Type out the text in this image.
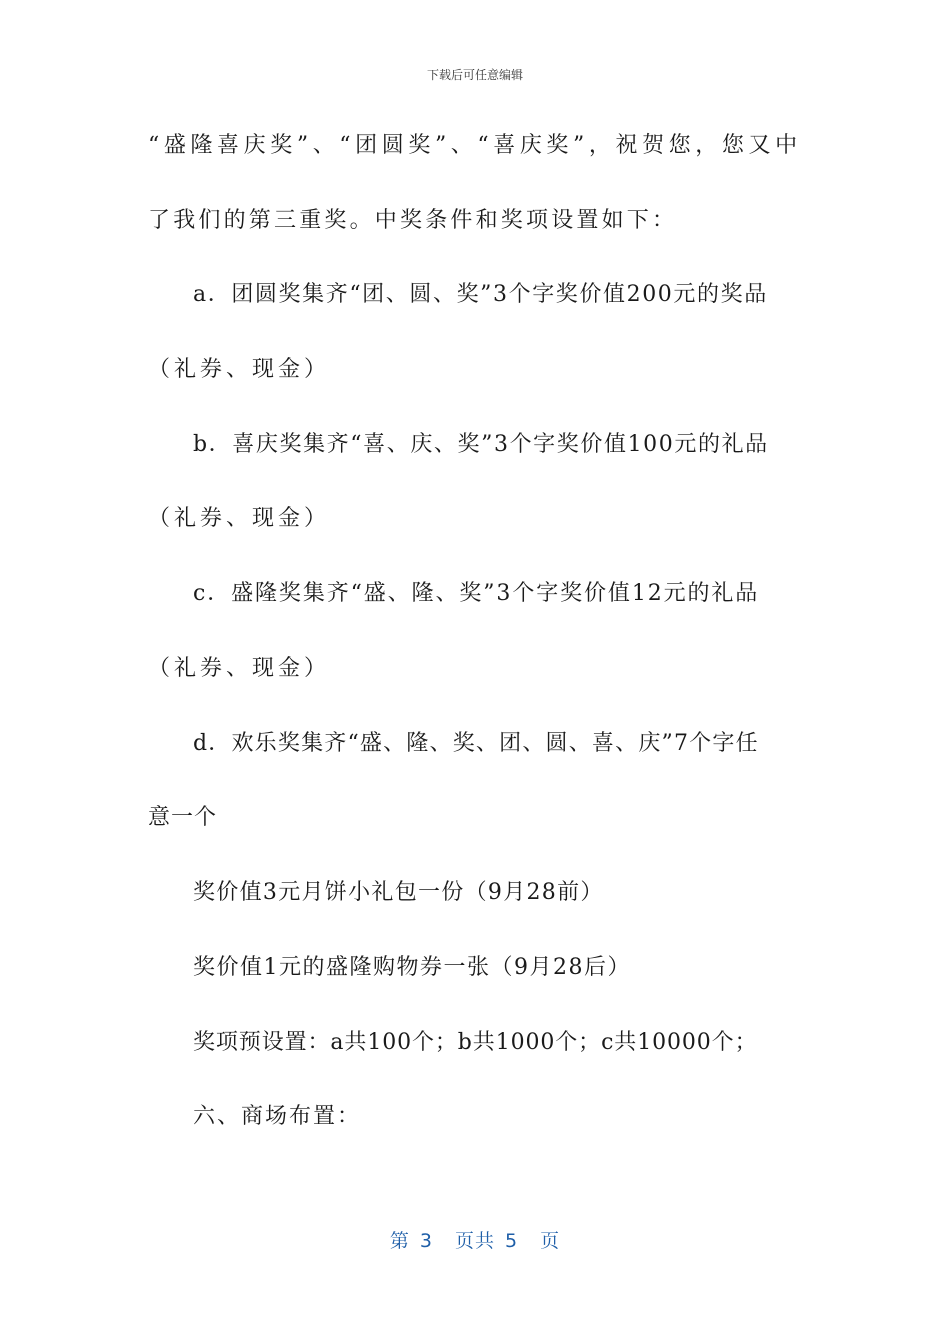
下载后可任意编辑
“盛隆喜庆奖”、“团圆奖”、“喜庆奖”，祝贺您，您又中
了我们的第三重奖。中奖条件和奖项设置如下：
a．团圆奖集齐“团、圆、奖”3个字奖价值200元的奖品
（礼券、现金）
b．喜庆奖集齐“喜、庆、奖”3个字奖价值100元的礼品
（礼券、现金）
c．盛隆奖集齐“盛、隆、奖”3个字奖价值12元的礼品
（礼券、现金）
d．欢乐奖集齐“盛、隆、奖、团、圆、喜、庆”7个字任
意一个
奖价值3元月饼小礼包一份（9月28前）
奖价值1元的盛隆购物券一张（9月28后）
奖项预设置：a共100个；b共1000个；c共10000个；
六、商场布置：
第 3 页共 5 页
